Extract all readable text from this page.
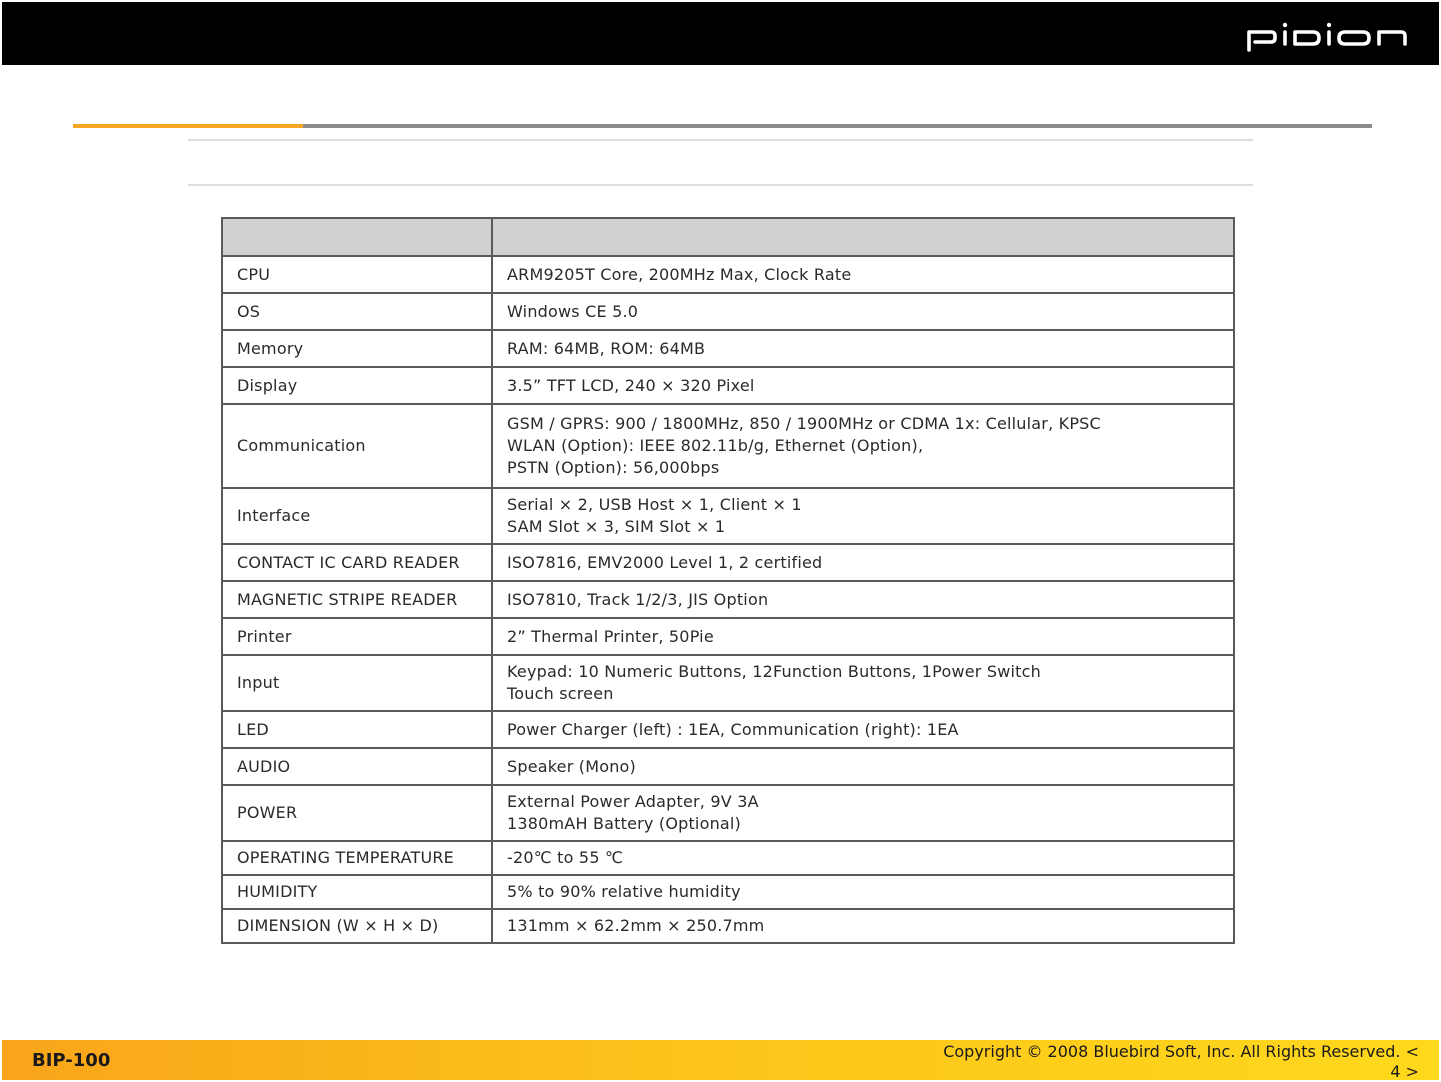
CPU	ARM9205T Core, 200MHz Max, Clock Rate

OS	Windows CE 5.0

Memory	RAM: 64MB, ROM: 64MB

Display	3.5” TFT LCD, 240 × 320 Pixel

Communication	GSM / GPRS: 900 / 1800MHz, 850 / 1900MHz or CDMA 1x: Cellular, KPSC
WLAN (Option): IEEE 802.11b/g, Ethernet (Option),
PSTN (Option): 56,000bps

Interface	Serial × 2, USB Host × 1, Client × 1
SAM Slot × 3, SIM Slot × 1

CONTACT IC CARD READER	ISO7816, EMV2000 Level 1, 2 certified

MAGNETIC STRIPE READER	ISO7810, Track 1/2/3, JIS Option

Printer	2” Thermal Printer, 50Pie

Input	Keypad: 10 Numeric Buttons, 12Function Buttons, 1Power Switch
Touch screen

LED	Power Charger (left) : 1EA, Communication (right): 1EA

AUDIO	Speaker (Mono)

POWER	External Power Adapter, 9V 3A
1380mAH Battery (Optional)

OPERATING TEMPERATURE	-20℃ to 55 ℃

HUMIDITY	5% to 90% relative humidity

DIMENSION (W × H × D)	131mm × 62.2mm × 250.7mm
BIP-100	Copyright © 2008 Bluebird Soft, Inc. All Rights Reserved. <
4 >
